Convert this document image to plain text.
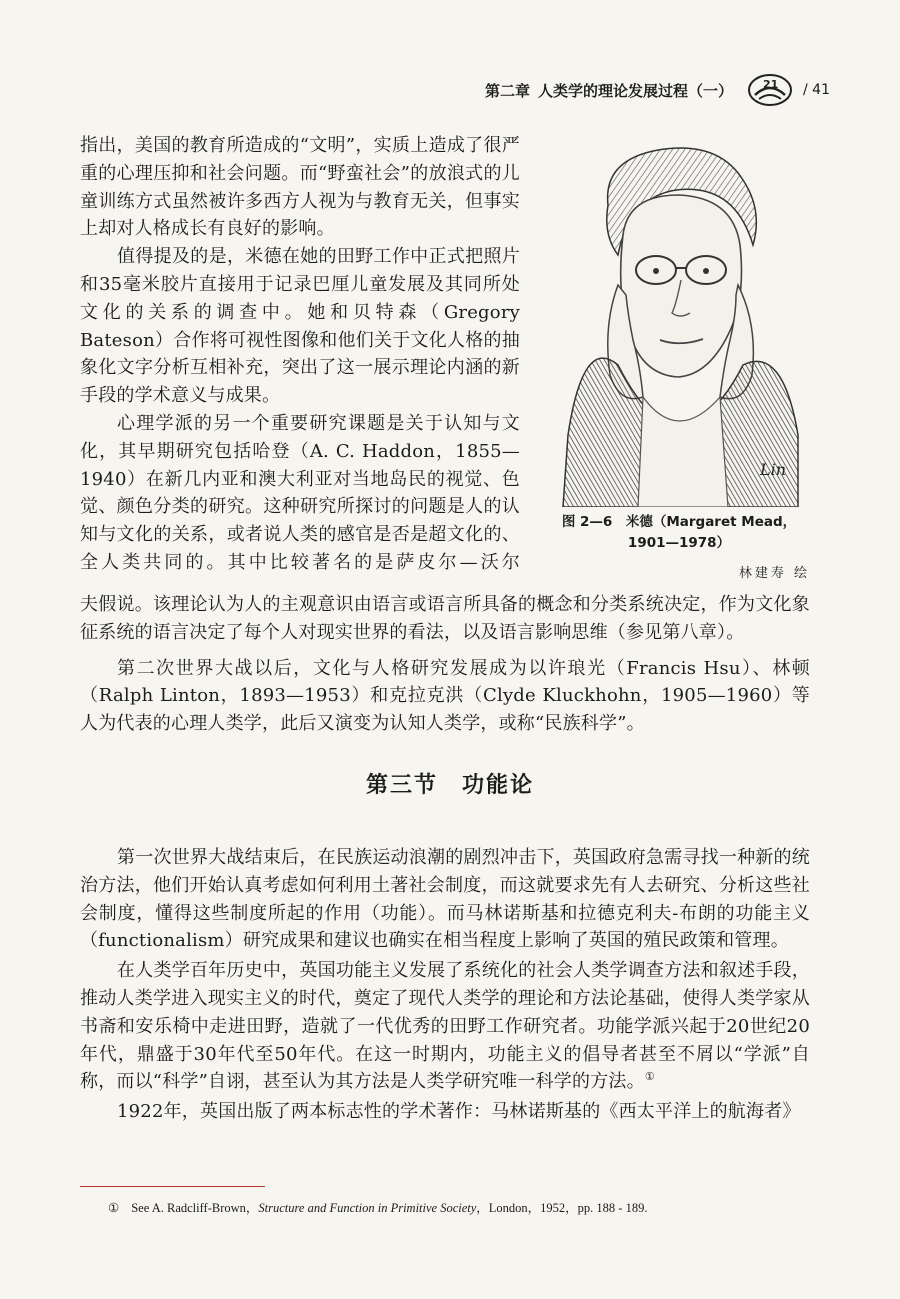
第二章 人类学的理论发展过程（一）	21 / 41

指出，美国的教育所造成的“文明”，实质上造成了很严重的心理压抑和社会问题。而“野蛮社会”的放浪式的儿童训练方式虽然被许多西方人视为与教育无关，但事实上却对人格成长有良好的影响。

值得提及的是，米德在她的田野工作中正式把照片和35毫米胶片直接用于记录巴厘儿童发展及其同所处文化的关系的调查中。她和贝特森（Gregory Bateson）合作将可视性图像和他们关于文化人格的抽象化文字分析互相补充，突出了这一展示理论内涵的新手段的学术意义与成果。

心理学派的另一个重要研究课题是关于认知与文化，其早期研究包括哈登（A. C. Haddon，1855—1940）在新几内亚和澳大利亚对当地岛民的视觉、色觉、颜色分类的研究。这种研究所探讨的问题是人的认知与文化的关系，或者说人类的感官是否是超文化的、全人类共同的。其中比较著名的是萨皮尔—沃尔

Lin
图 2—6　米德（Margaret Mead，
1901—1978）
林建寿 绘

夫假说。该理论认为人的主观意识由语言或语言所具备的概念和分类系统决定，作为文化象征系统的语言决定了每个人对现实世界的看法，以及语言影响思维（参见第八章）。

第二次世界大战以后，文化与人格研究发展成为以许琅光（Francis Hsu）、林顿（Ralph Linton，1893—1953）和克拉克洪（Clyde Kluckhohn，1905—1960）等人为代表的心理人类学，此后又演变为认知人类学，或称“民族科学”。

第三节　功能论

第一次世界大战结束后，在民族运动浪潮的剧烈冲击下，英国政府急需寻找一种新的统治方法，他们开始认真考虑如何利用土著社会制度，而这就要求先有人去研究、分析这些社会制度，懂得这些制度所起的作用（功能）。而马林诺斯基和拉德克利夫-布朗的功能主义（functionalism）研究成果和建议也确实在相当程度上影响了英国的殖民政策和管理。

在人类学百年历史中，英国功能主义发展了系统化的社会人类学调查方法和叙述手段，推动人类学进入现实主义的时代，奠定了现代人类学的理论和方法论基础，使得人类学家从书斋和安乐椅中走进田野，造就了一代优秀的田野工作研究者。功能学派兴起于20世纪20年代，鼎盛于30年代至50年代。在这一时期内，功能主义的倡导者甚至不屑以“学派”自称，而以“科学”自诩，甚至认为其方法是人类学研究唯一科学的方法。①

1922年，英国出版了两本标志性的学术著作：马林诺斯基的《西太平洋上的航海者》

① See A. Radcliff-Brown，Structure and Function in Primitive Society，London，1952，pp. 188 - 189.
